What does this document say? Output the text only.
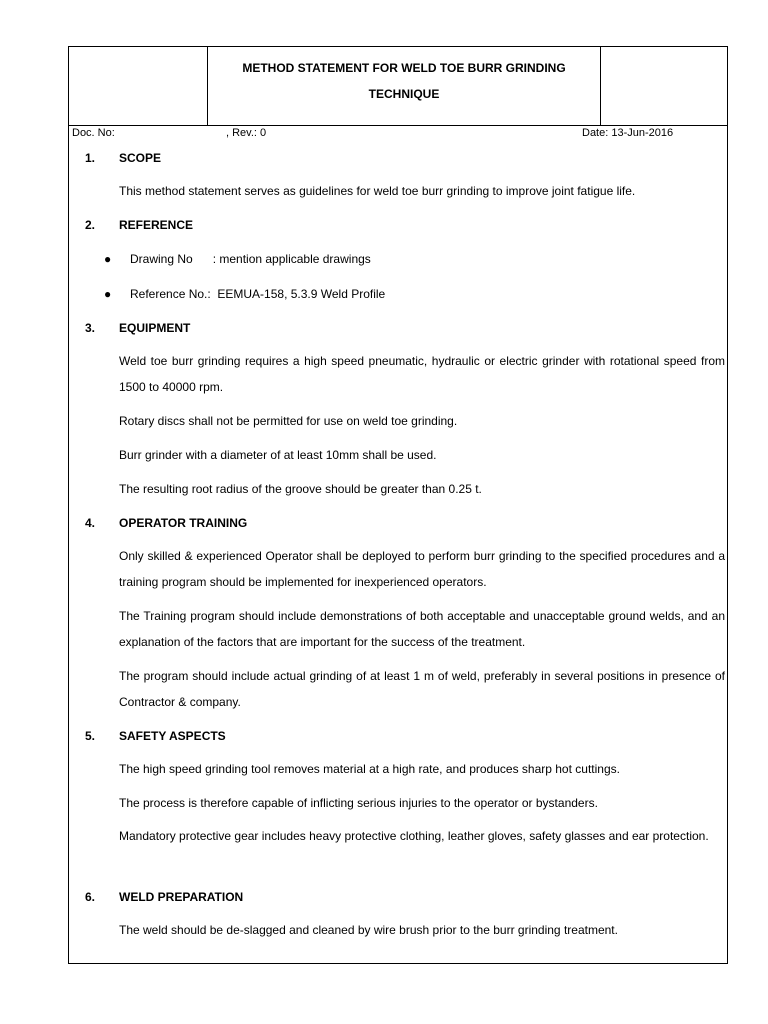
METHOD STATEMENT FOR WELD TOE BURR GRINDING
TECHNIQUE
Doc. No:	, Rev.: 0	Date: 13-Jun-2016
1. SCOPE
This method statement serves as guidelines for weld toe burr grinding to improve joint fatigue life.
2. REFERENCE
● Drawing No      : mention applicable drawings
● Reference No.:  EEMUA-158, 5.3.9 Weld Profile
3. EQUIPMENT
Weld toe burr grinding requires a high speed pneumatic, hydraulic or electric grinder with rotational speed from 1500 to 40000 rpm.
Rotary discs shall not be permitted for use on weld toe grinding.
Burr grinder with a diameter of at least 10mm shall be used.
The resulting root radius of the groove should be greater than 0.25 t.
4. OPERATOR TRAINING
Only skilled & experienced Operator shall be deployed to perform burr grinding to the specified procedures and a training program should be implemented for inexperienced operators.
The Training program should include demonstrations of both acceptable and unacceptable ground welds, and an explanation of the factors that are important for the success of the treatment.
The program should include actual grinding of at least 1 m of weld, preferably in several positions in presence of Contractor & company.
5. SAFETY ASPECTS
The high speed grinding tool removes material at a high rate, and produces sharp hot cuttings.
The process is therefore capable of inflicting serious injuries to the operator or bystanders.
Mandatory protective gear includes heavy protective clothing, leather gloves, safety glasses and ear protection.
6. WELD PREPARATION
The weld should be de-slagged and cleaned by wire brush prior to the burr grinding treatment.
